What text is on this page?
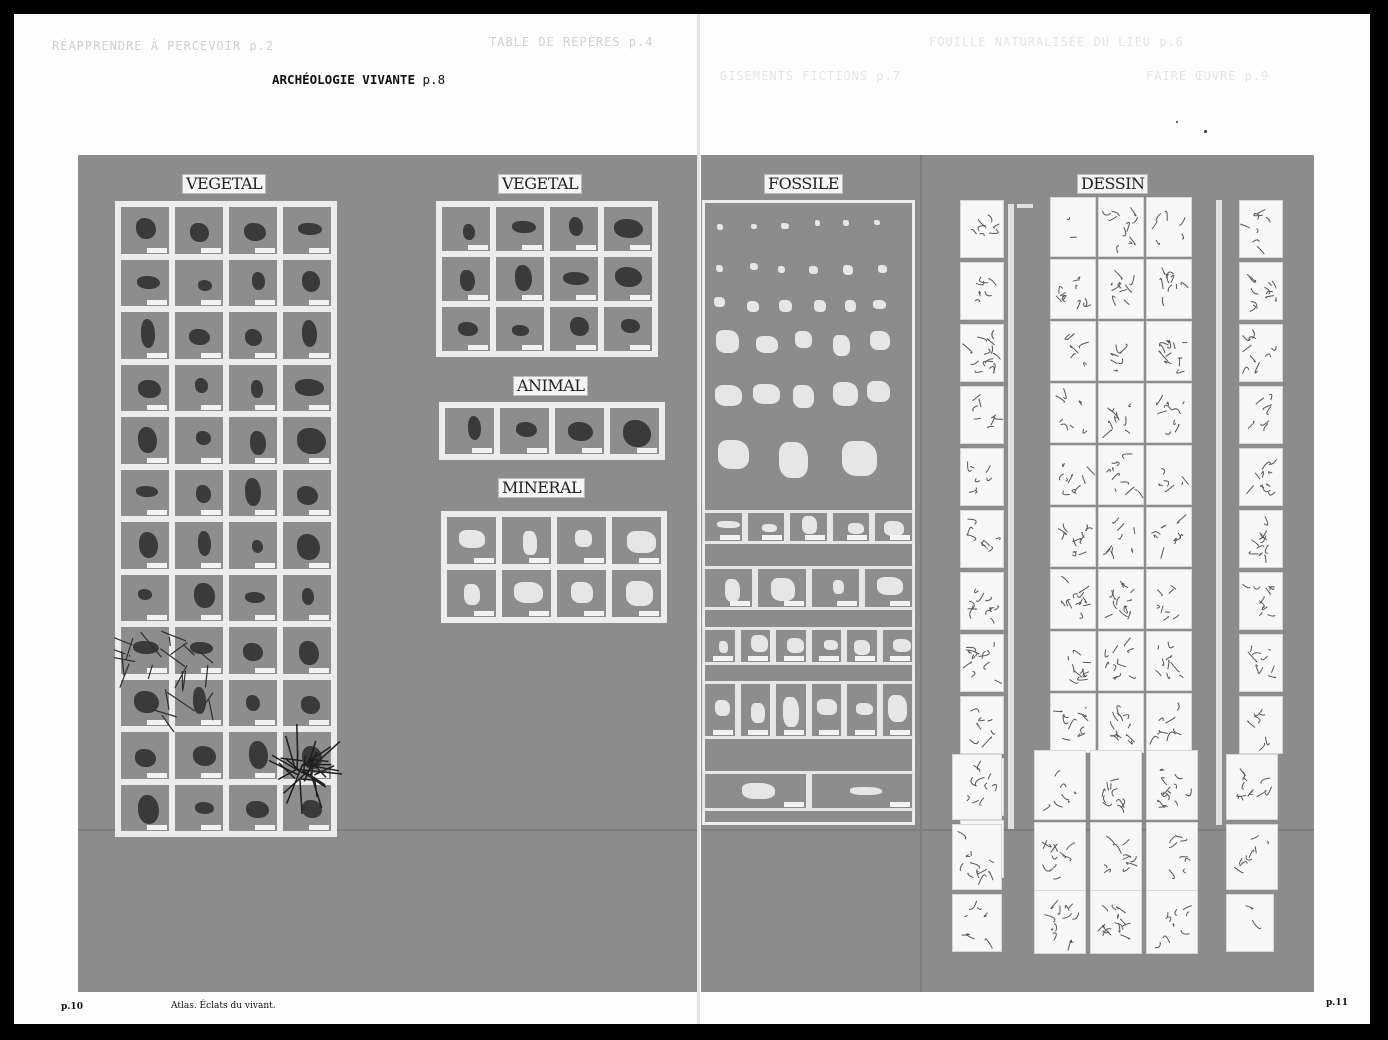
RÉAPPRENDRE À PERCEVOIR p.2	TABLE DE REPÈRES p.4	FOUILLE NATURALISÉE DU LIEU p.6
GISEMENTS FICTIONS p.7	FAIRE ŒUVRE p.9
ARCHÉOLOGIE VIVANTE p.8
VEGETAL	VEGETAL
ANIMAL
MINERAL
FOSSILE	DESSIN
p.10	Atlas. Éclats du vivant.	p.11
